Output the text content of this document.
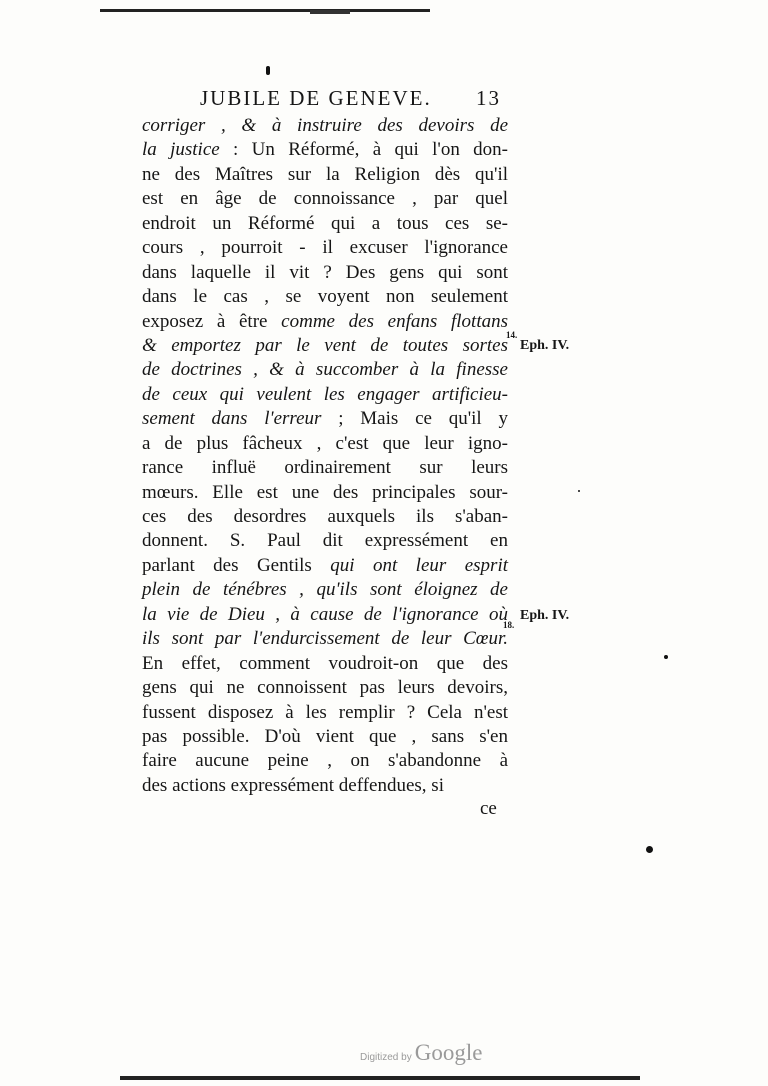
JUBILE DE GENEVE. 13
corriger , & à instruire des devoirs de
la justice : Un Réformé, à qui l'on don-
ne des Maîtres sur la Religion dès qu'il
est en âge de connoissance , par quel
endroit un Réformé qui a tous ces se-
cours , pourroit - il excuser l'ignorance
dans laquelle il vit ? Des gens qui sont
dans le cas , se voyent non seulement
exposez à être comme des enfans flottans
& emportez par le vent de toutes sortes
de doctrines , & à succomber à la finesse
de ceux qui veulent les engager artificieu-
sement dans l'erreur ; Mais ce qu'il y
a de plus fâcheux , c'est que leur igno-
rance influë ordinairement sur leurs
mœurs. Elle est une des principales sour-
ces des desordres auxquels ils s'aban-
donnent. S. Paul dit expressément en
parlant des Gentils qui ont leur esprit
plein de ténébres , qu'ils sont éloignez de
la vie de Dieu , à cause de l'ignorance où
ils sont par l'endurcissement de leur Cœur.
En effet, comment voudroit-on que des
gens qui ne connoissent pas leurs devoirs,
fussent disposez à les remplir ? Cela n'est
pas possible. D'où vient que , sans s'en
faire aucune peine , on s'abandonne à
des actions expressément deffendues, si
Eph. IV.
$^{14.}$
Eph. IV.
$^{18.}$
ce
Digitized by Google
